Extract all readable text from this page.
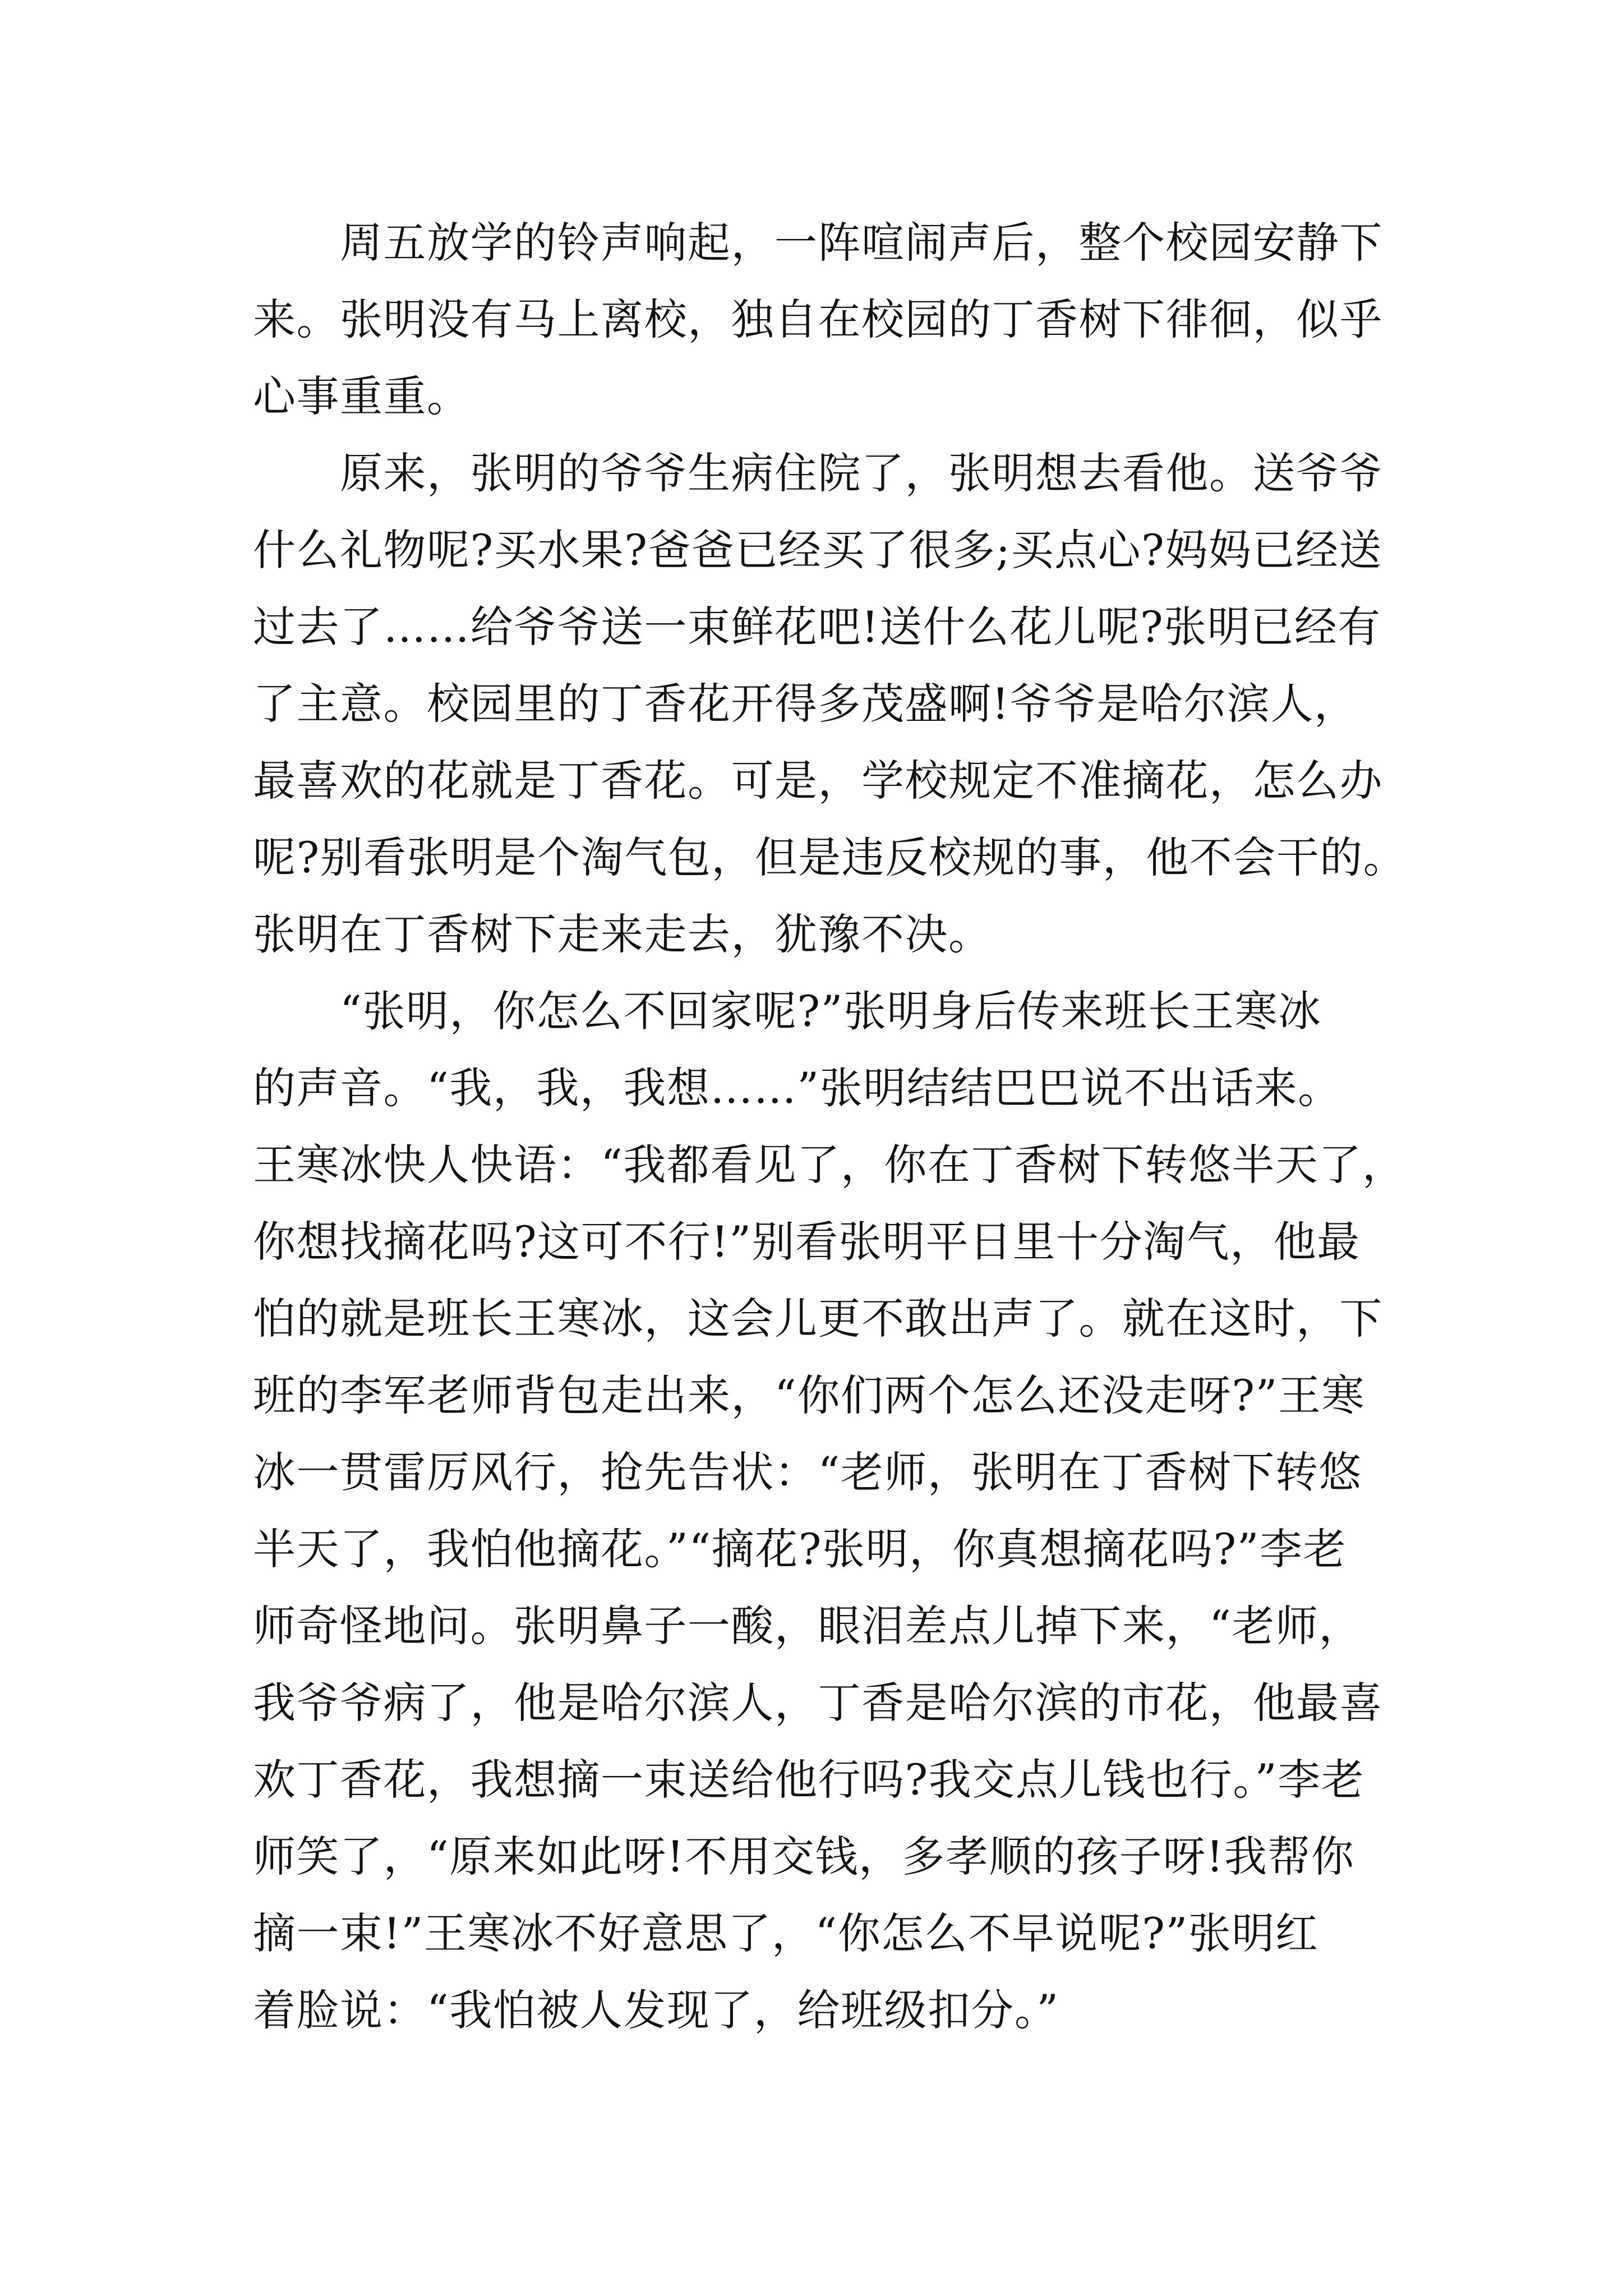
周五放学的铃声响起，一阵喧闹声后，整个校园安静下
来。张明没有马上离校，独自在校园的丁香树下徘徊，似乎
心事重重。
原来，张明的爷爷生病住院了，张明想去看他。送爷爷
什么礼物呢?买水果?爸爸已经买了很多;买点心?妈妈已经送
过去了……给爷爷送一束鲜花吧!送什么花儿呢?张明已经有
了主意。校园里的丁香花开得多茂盛啊!爷爷是哈尔滨人，
最喜欢的花就是丁香花。可是，学校规定不准摘花，怎么办
呢?别看张明是个淘气包，但是违反校规的事，他不会干的。
张明在丁香树下走来走去，犹豫不决。
“张明，你怎么不回家呢?”张明身后传来班长王寒冰
的声音。“我，我，我想……”张明结结巴巴说不出话来。
王寒冰快人快语：“我都看见了，你在丁香树下转悠半天了，
你想找摘花吗?这可不行!”别看张明平日里十分淘气，他最
怕的就是班长王寒冰，这会儿更不敢出声了。就在这时，下
班的李军老师背包走出来，“你们两个怎么还没走呀?”王寒
冰一贯雷厉风行，抢先告状：“老师，张明在丁香树下转悠
半天了，我怕他摘花。”“摘花?张明，你真想摘花吗?”李老
师奇怪地问。张明鼻子一酸，眼泪差点儿掉下来，“老师，
我爷爷病了，他是哈尔滨人，丁香是哈尔滨的市花，他最喜
欢丁香花，我想摘一束送给他行吗?我交点儿钱也行。”李老
师笑了，“原来如此呀!不用交钱，多孝顺的孩子呀!我帮你
摘一束!”王寒冰不好意思了，“你怎么不早说呢?”张明红
着脸说：“我怕被人发现了，给班级扣分。”
